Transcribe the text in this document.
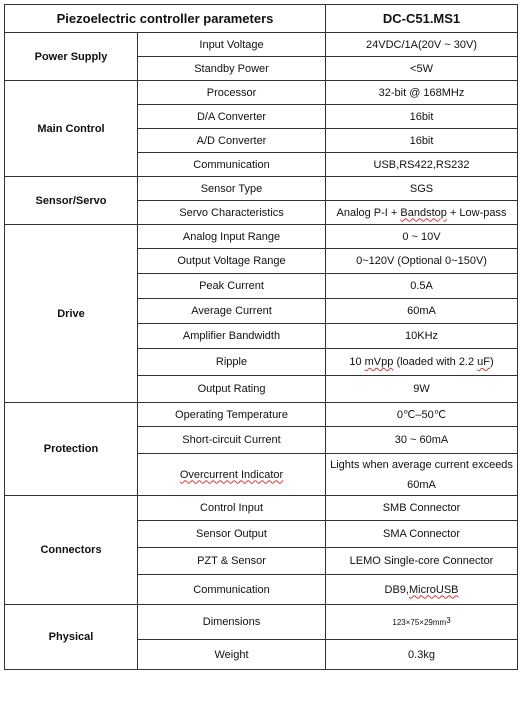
Piezoelectric controller parameters		DC-C51.MS1
Power Supply	Input Voltage	24VDC/1A(20V ~ 30V)
	Standby Power	<5W
Main Control	Processor	32-bit @ 168MHz
	D/A Converter	16bit
	A/D Converter	16bit
	Communication	USB,RS422,RS232
Sensor/Servo	Sensor Type	SGS
	Servo Characteristics	Analog P-I + Bandstop + Low-pass
Drive	Analog Input Range	0 ~ 10V
	Output Voltage Range	0~120V (Optional 0~150V)
	Peak Current	0.5A
	Average Current	60mA
	Amplifier Bandwidth	10KHz
	Ripple	10 mVpp (loaded with 2.2 uF)
	Output Rating	9W
Protection	Operating Temperature	0℃–50℃
	Short-circuit Current	30 ~ 60mA
	Overcurrent Indicator	Lights when average current exceeds
60mA
Connectors	Control Input	SMB Connector
	Sensor Output	SMA Connector
	PZT & Sensor	LEMO Single-core Connector
	Communication	DB9,MicroUSB
Physical	Dimensions	$123\times 75\times 29mm^3$
	Weight	0.3kg
